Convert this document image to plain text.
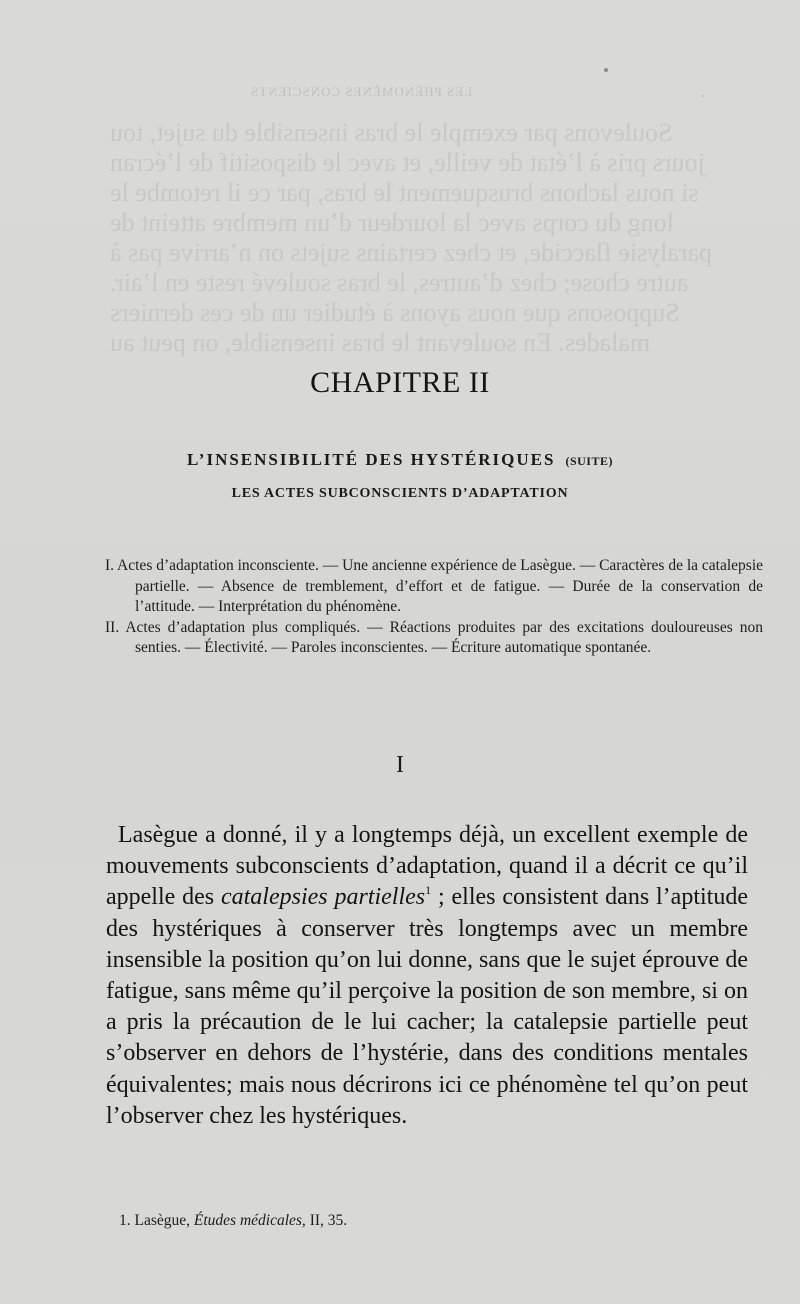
LES PHÉNOMÈNES CONSCIENTS	·
Soulevons par exemple le bras insensible du sujet, tou
jours pris à l’état de veille, et avec le dispositif de l’écran
si nous lachons brusquement le bras, par ce il retombe le
long du corps avec la lourdeur d’un membre atteint de
paralysie flaccide, et chez certains sujets on n’arrive pas à
autre chose; chez d’autres, le bras soulevé reste en l’air.
Supposons que nous ayons à étudier un de ces derniers
malades. En soulevant le bras insensible, on peut au
CHAPITRE II
L’INSENSIBILITÉ DES HYSTÉRIQUES (SUITE)
LES ACTES SUBCONSCIENTS D’ADAPTATION

I. Actes d’adaptation inconsciente. — Une ancienne expérience de Lasègue. — Caractères de la catalepsie partielle. — Absence de tremblement, d’effort et de fatigue. — Durée de la conservation de l’attitude. — Interprétation du phénomène.

II. Actes d’adaptation plus compliqués. — Réactions produites par des excitations douloureuses non senties. — Électivité. — Paroles inconscientes. — Écriture automatique spontanée.

I

Lasègue a donné, il y a longtemps déjà, un excellent exemple de mouvements subconscients d’adaptation, quand il a décrit ce qu’il appelle des catalepsies partielles$^1$ ; elles consistent dans l’aptitude des hystériques à conserver très longtemps avec un membre insensible la position qu’on lui donne, sans que le sujet éprouve de fatigue, sans même qu’il perçoive la position de son membre, si on a pris la précaution de le lui cacher; la catalepsie partielle peut s’observer en dehors de l’hystérie, dans des conditions mentales équivalentes; mais nous décrirons ici ce phénomène tel qu’on peut l’observer chez les hystériques.

1. Lasègue, Études médicales, II, 35.
